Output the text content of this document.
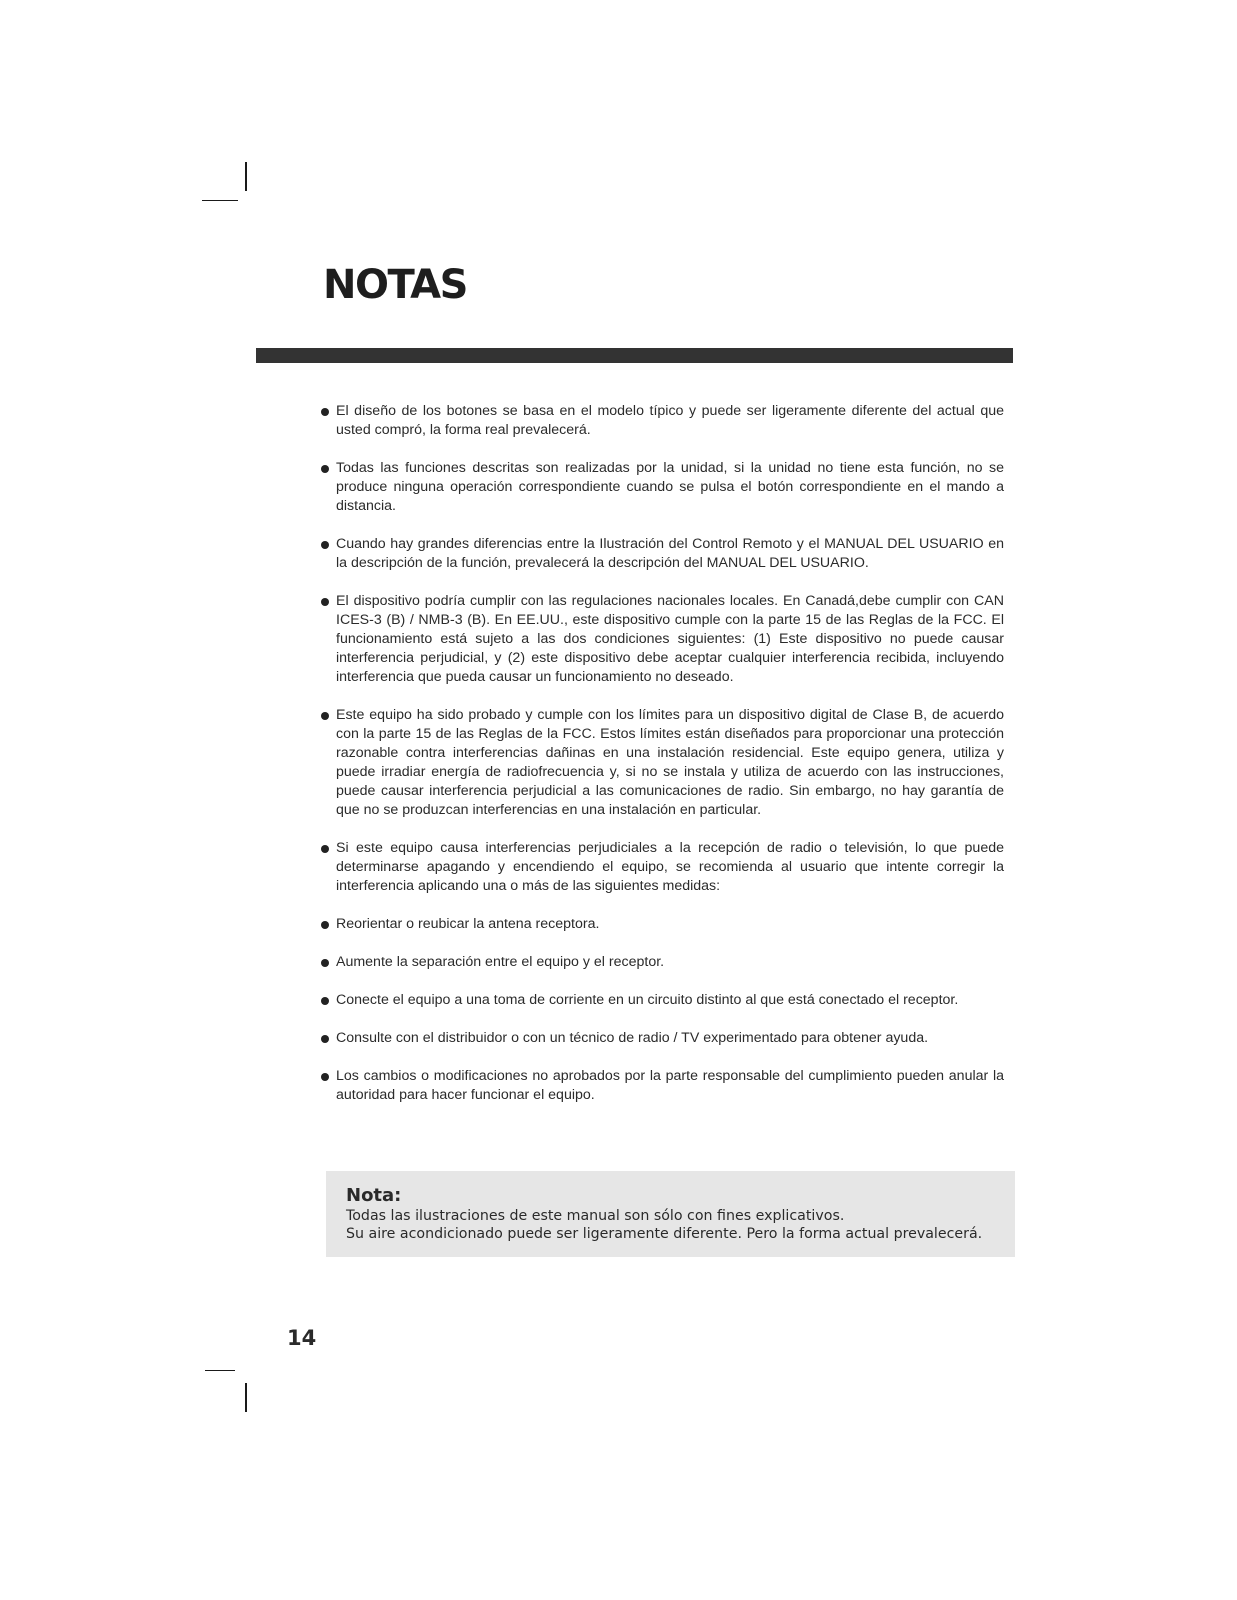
NOTAS
El diseño de los botones se basa en el modelo típico y puede ser ligeramente diferente del actual que usted compró, la forma real prevalecerá.
Todas las funciones descritas son realizadas por la unidad, si la unidad no tiene esta función, no se produce ninguna operación correspondiente cuando se pulsa el botón correspondiente en el mando a distancia.
Cuando hay grandes diferencias entre la Ilustración del Control Remoto y el MANUAL DEL USUARIO en la descripción de la función, prevalecerá la descripción del MANUAL DEL USUARIO.
El dispositivo podría cumplir con las regulaciones nacionales locales. En Canadá,debe cumplir con CAN ICES-3 (B) / NMB-3 (B). En EE.UU., este dispositivo cumple con la parte 15 de las Reglas de la FCC. El funcionamiento está sujeto a las dos condiciones siguientes: (1) Este dispositivo no puede causar interferencia perjudicial, y (2) este dispositivo debe aceptar cualquier interferencia recibida, incluyendo interferencia que pueda causar un funcionamiento no deseado.
Este equipo ha sido probado y cumple con los límites para un dispositivo digital de Clase B, de acuerdo con la parte 15 de las Reglas de la FCC. Estos límites están diseñados para proporcionar una protección razonable contra interferencias dañinas en una instalación residencial. Este equipo genera, utiliza y puede irradiar energía de radiofrecuencia y, si no se instala y utiliza de acuerdo con las instrucciones, puede causar interferencia perjudicial a las comunicaciones de radio. Sin embargo, no hay garantía de que no se produzcan interferencias en una instalación en particular.
Si este equipo causa interferencias perjudiciales a la recepción de radio o televisión, lo que puede determinarse apagando y encendiendo el equipo, se recomienda al usuario que intente corregir la interferencia aplicando una o más de las siguientes medidas:
Reorientar o reubicar la antena receptora.
Aumente la separación entre el equipo y el receptor.
Conecte el equipo a una toma de corriente en un circuito distinto al que está conectado el receptor.
Consulte con el distribuidor o con un técnico de radio / TV experimentado para obtener ayuda.
Los cambios o modificaciones no aprobados por la parte responsable del cumplimiento pueden anular la autoridad para hacer funcionar el equipo.
Nota:
Todas las ilustraciones de este manual son sólo con fines explicativos.
Su aire acondicionado puede ser ligeramente diferente. Pero la forma actual prevalecerá.
14
